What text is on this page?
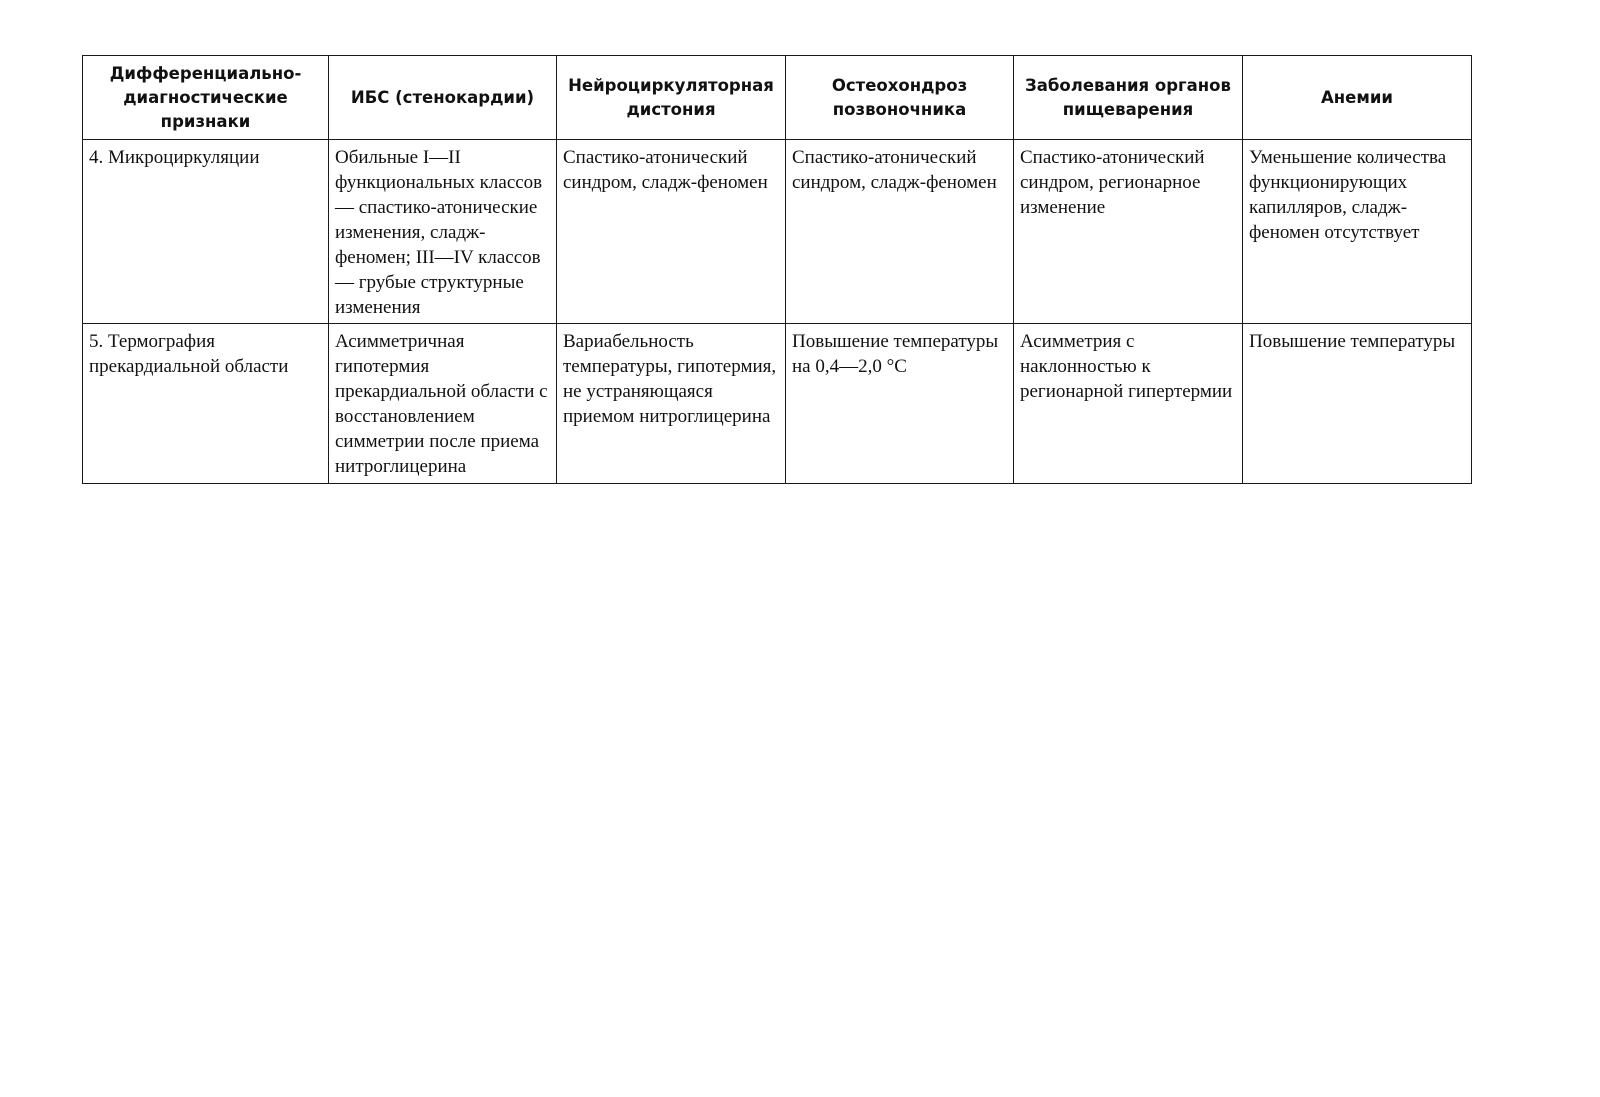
Дифференциально-диагностические признаки	ИБС (стенокардии)	Нейроциркуляторная дистония	Остеохондроз позвоночника	Заболевания органов пищеварения	Анемии

4. Микроциркуляции	Обильные I—II функциональных классов — спастико-атонические изменения, сладж-феномен; III—IV классов — грубые структурные изменения	Спастико-атонический синдром, сладж-феномен	Спастико-атонический синдром, сладж-феномен	Спастико-атонический синдром, регионарное изменение	Уменьшение количества функционирующих капилляров, сладж-феномен отсутствует

5. Термография прекардиальной области	Асимметричная гипотермия прекардиальной области с восстановлением симметрии после приема нитроглицерина	Вариабельность температуры, гипотермия, не устраняющаяся приемом нитроглицерина	Повышение температуры на 0,4—2,0 °С	Асимметрия с наклонностью к регионарной гипертермии	Повышение температуры
